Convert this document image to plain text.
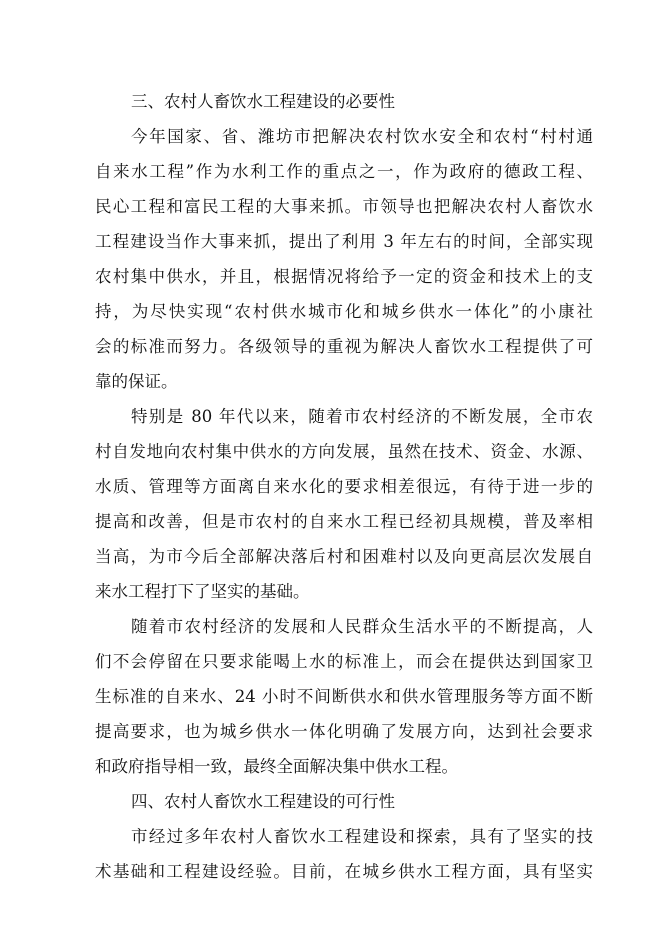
三、农村人畜饮水工程建设的必要性
今年国家、省、潍坊市把解决农村饮水安全和农村“村村通
自来水工程”作为水利工作的重点之一，作为政府的德政工程、
民心工程和富民工程的大事来抓。市领导也把解决农村人畜饮水
工程建设当作大事来抓，提出了利用 3 年左右的时间，全部实现
农村集中供水，并且，根据情况将给予一定的资金和技术上的支
持，为尽快实现“农村供水城市化和城乡供水一体化”的小康社
会的标准而努力。各级领导的重视为解决人畜饮水工程提供了可
靠的保证。
特别是 80 年代以来，随着市农村经济的不断发展，全市农
村自发地向农村集中供水的方向发展，虽然在技术、资金、水源、
水质、管理等方面离自来水化的要求相差很远，有待于进一步的
提高和改善，但是市农村的自来水工程已经初具规模，普及率相
当高，为市今后全部解决落后村和困难村以及向更高层次发展自
来水工程打下了坚实的基础。
随着市农村经济的发展和人民群众生活水平的不断提高，人
们不会停留在只要求能喝上水的标准上，而会在提供达到国家卫
生标准的自来水、24 小时不间断供水和供水管理服务等方面不断
提高要求，也为城乡供水一体化明确了发展方向，达到社会要求
和政府指导相一致，最终全面解决集中供水工程。
四、农村人畜饮水工程建设的可行性
市经过多年农村人畜饮水工程建设和探索，具有了坚实的技
术基础和工程建设经验。目前，在城乡供水工程方面，具有坚实
